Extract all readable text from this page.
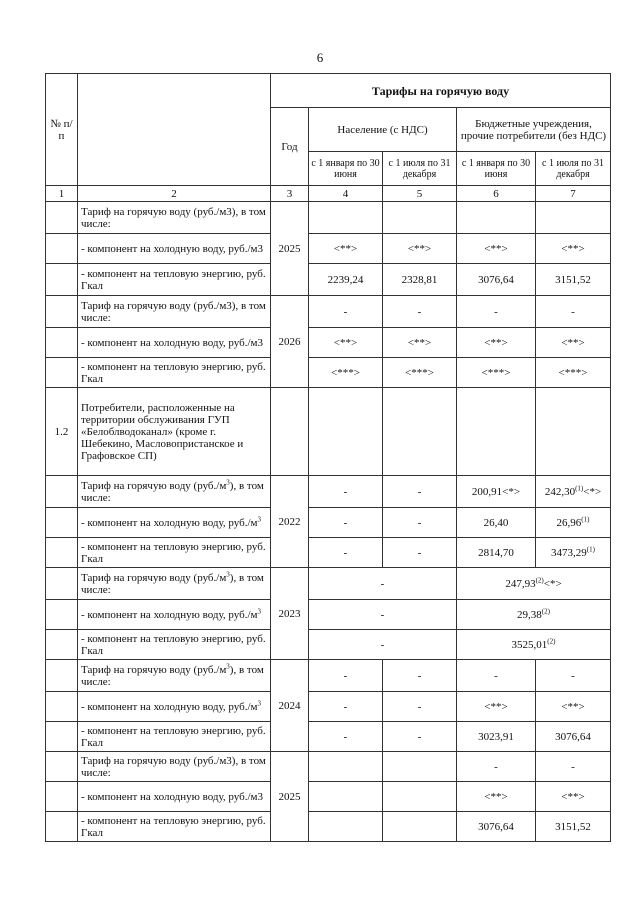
6
№ п/п		Тарифы на горячую воду				
		Год	Население (с НДС)		Бюджетные учреждения, прочие потребители (без НДС)	
			с 1 января по 30 июня	с 1 июля по 31 декабря	с 1 января по 30 июня	с 1 июля по 31 декабря
1	2	3	4	5	6	7
	Тариф на горячую воду (руб./м3), в том числе:	2025				
	- компонент на холодную воду, руб./м3		<**>	<**>	<**>	<**>
	- компонент на тепловую энергию, руб. Гкал		2239,24	2328,81	3076,64	3151,52
	Тариф на горячую воду (руб./м3), в том числе:	2026	-	-	-	-
	- компонент на холодную воду, руб./м3		<**>	<**>	<**>	<**>
	- компонент на тепловую энергию, руб. Гкал		<***>	<***>	<***>	<***>
1.2	Потребители, расположенные на территории обслуживания ГУП «Белоблводоканал» (кроме г. Шебекино, Масловопристанское и Графовское СП)					
	Тариф на горячую воду $(руб./м^3)$, в том числе:	2022	-	-	200,91<*>	$242,30^{(1)}<*>$
	- компонент на холодную воду, $руб./м^3$		-	-	26,40	26,96$^{(1)}$
	- компонент на тепловую энергию, руб. Гкал		-	-	2814,70	3473,29$^{(1)}$
	Тариф на горячую воду $(руб./м^3)$, в том числе:	2023	-		$247,93^{(2)}<*>$	
	- компонент на холодную воду, $руб./м^3$		-		29,38$^{(2)}$
	- компонент на тепловую энергию, руб. Гкал		-		3525,01$^{(2)}$
	Тариф на горячую воду $(руб./м^3)$, в том числе:	2024	-	-	-	-
	- компонент на холодную воду, $руб./м^3$		-	-	<**>	<**>
	- компонент на тепловую энергию, руб. Гкал		-	-	3023,91	3076,64
	Тариф на горячую воду (руб./м3), в том числе:	2025			-	-
	- компонент на холодную воду, руб./м3				<**>	<**>
	- компонент на тепловую энергию, руб. Гкал				3076,64	3151,52
